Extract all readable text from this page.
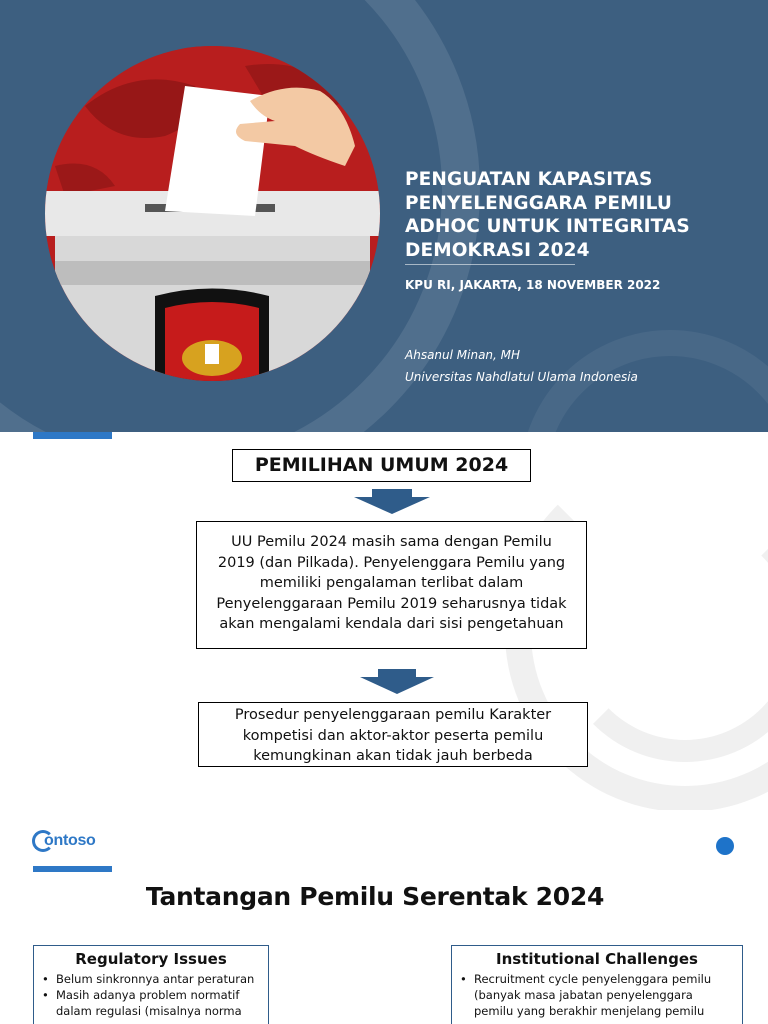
PENGUATAN KAPASITAS
PENYELENGGARA PEMILU
ADHOC UNTUK INTEGRITAS
DEMOKRASI 2024
KPU RI, JAKARTA, 18 NOVEMBER 2022
Ahsanul Minan, MH
Universitas Nahdlatul Ulama Indonesia
PEMILIHAN UMUM 2024
UU Pemilu 2024 masih sama dengan Pemilu
2019 (dan Pilkada). Penyelenggara Pemilu yang
memiliki pengalaman terlibat dalam
Penyelenggaraan Pemilu 2019 seharusnya tidak
akan mengalami kendala dari sisi pengetahuan
Prosedur penyelenggaraan pemilu Karakter
kompetisi dan aktor-aktor peserta pemilu
kemungkinan akan tidak jauh berbeda
ontoso
Tantangan Pemilu Serentak 2024
Regulatory Issues
• Belum sinkronnya antar peraturan
• Masih adanya problem normatif
dalam regulasi (misalnya norma
Institutional Challenges
• Recruitment cycle penyelenggara pemilu
(banyak masa jabatan penyelenggara
pemilu yang berakhir menjelang pemilu
